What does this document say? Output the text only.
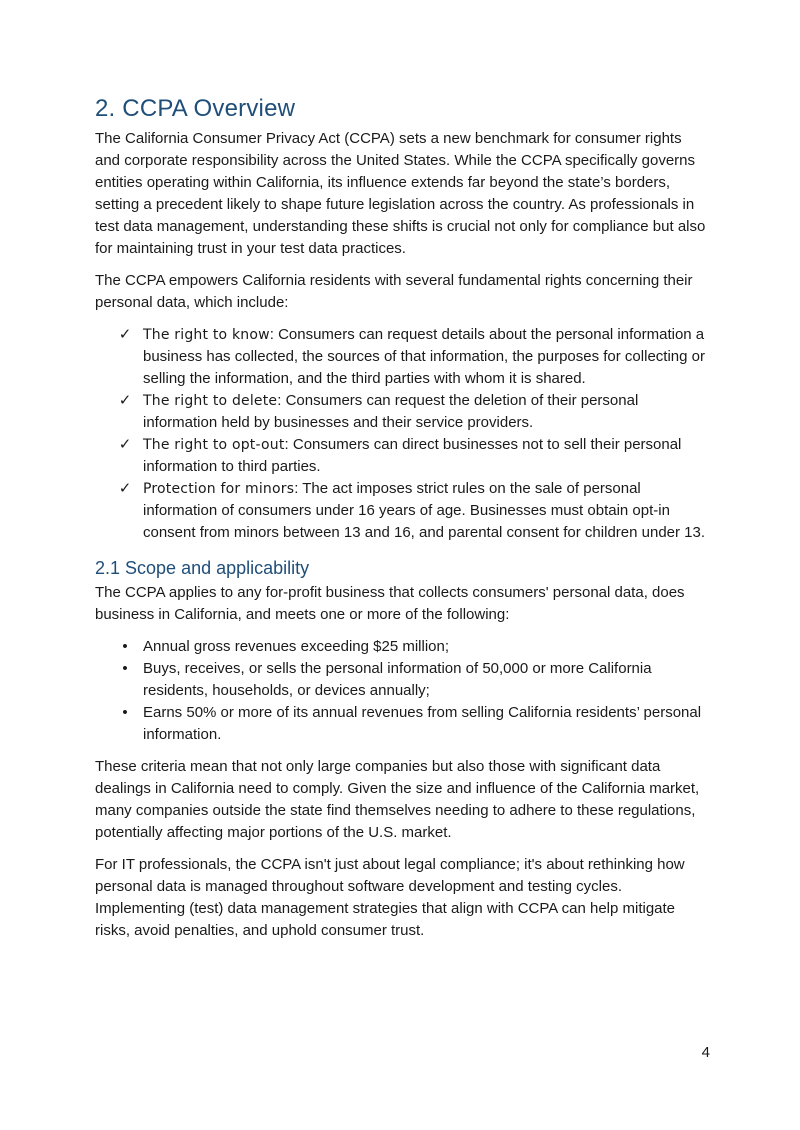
2. CCPA Overview

The California Consumer Privacy Act (CCPA) sets a new benchmark for consumer rights and corporate responsibility across the United States. While the CCPA specifically governs entities operating within California, its influence extends far beyond the state’s borders, setting a precedent likely to shape future legislation across the country. As professionals in test data management, understanding these shifts is crucial not only for compliance but also for maintaining trust in your test data practices.

The CCPA empowers California residents with several fundamental rights concerning their personal data, which include:

✓ The right to know: Consumers can request details about the personal information a business has collected, the sources of that information, the purposes for collecting or selling the information, and the third parties with whom it is shared.
✓ The right to delete: Consumers can request the deletion of their personal information held by businesses and their service providers.
✓ The right to opt-out: Consumers can direct businesses not to sell their personal information to third parties.
✓ Protection for minors: The act imposes strict rules on the sale of personal information of consumers under 16 years of age. Businesses must obtain opt-in consent from minors between 13 and 16, and parental consent for children under 13.
2.1 Scope and applicability

The CCPA applies to any for-profit business that collects consumers' personal data, does business in California, and meets one or more of the following:

•	Annual gross revenues exceeding $25 million;
•	Buys, receives, or sells the personal information of 50,000 or more California residents, households, or devices annually;
•	Earns 50% or more of its annual revenues from selling California residents’ personal information.

These criteria mean that not only large companies but also those with significant data dealings in California need to comply. Given the size and influence of the California market, many companies outside the state find themselves needing to adhere to these regulations, potentially affecting major portions of the U.S. market.

For IT professionals, the CCPA isn't just about legal compliance; it's about rethinking how personal data is managed throughout software development and testing cycles. Implementing (test) data management strategies that align with CCPA can help mitigate risks, avoid penalties, and uphold consumer trust.

4
